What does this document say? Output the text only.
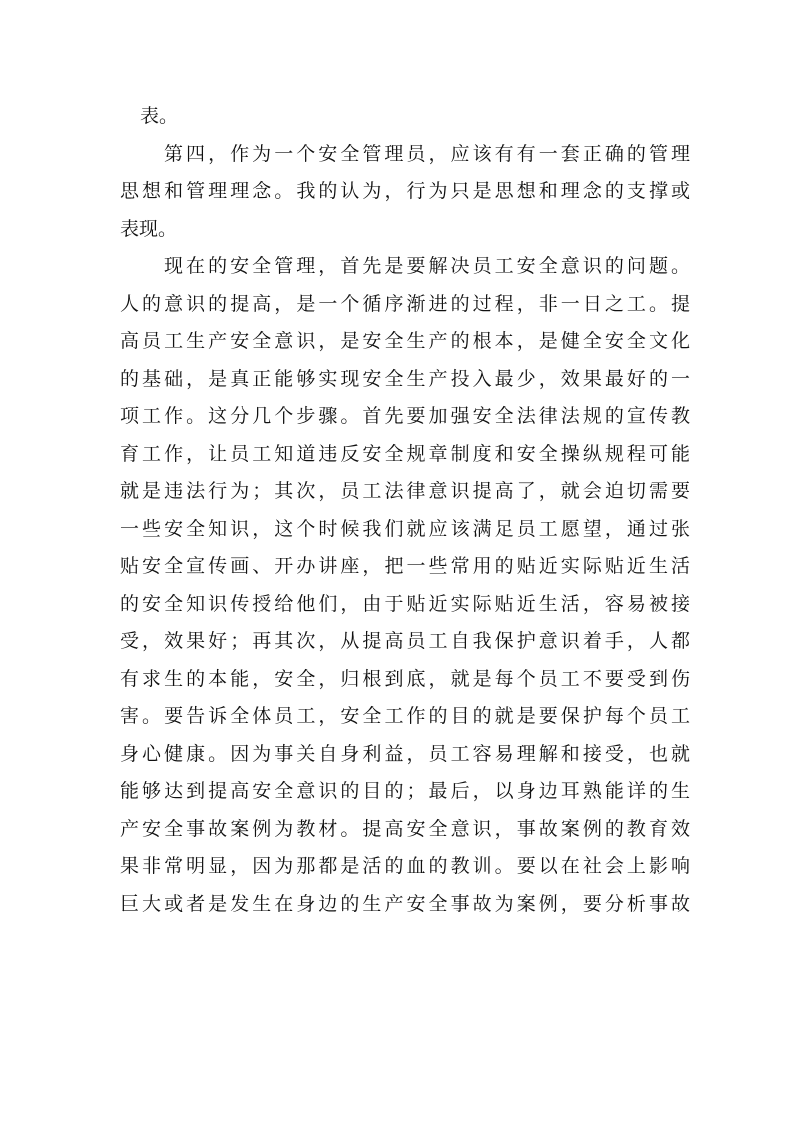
表。
第四，作为一个安全管理员，应该有有一套正确的管理
思想和管理理念。我的认为，行为只是思想和理念的支撑或
表现。
现在的安全管理，首先是要解决员工安全意识的问题。
人的意识的提高，是一个循序渐进的过程，非一日之工。提
高员工生产安全意识，是安全生产的根本，是健全安全文化
的基础，是真正能够实现安全生产投入最少，效果最好的一
项工作。这分几个步骤。首先要加强安全法律法规的宣传教
育工作，让员工知道违反安全规章制度和安全操纵规程可能
就是违法行为；其次，员工法律意识提高了，就会迫切需要
一些安全知识，这个时候我们就应该满足员工愿望，通过张
贴安全宣传画、开办讲座，把一些常用的贴近实际贴近生活
的安全知识传授给他们，由于贴近实际贴近生活，容易被接
受，效果好；再其次，从提高员工自我保护意识着手，人都
有求生的本能，安全，归根到底，就是每个员工不要受到伤
害。要告诉全体员工，安全工作的目的就是要保护每个员工
身心健康。因为事关自身利益，员工容易理解和接受，也就
能够达到提高安全意识的目的；最后，以身边耳熟能详的生
产安全事故案例为教材。提高安全意识，事故案例的教育效
果非常明显，因为那都是活的血的教训。要以在社会上影响
巨大或者是发生在身边的生产安全事故为案例，要分析事故
